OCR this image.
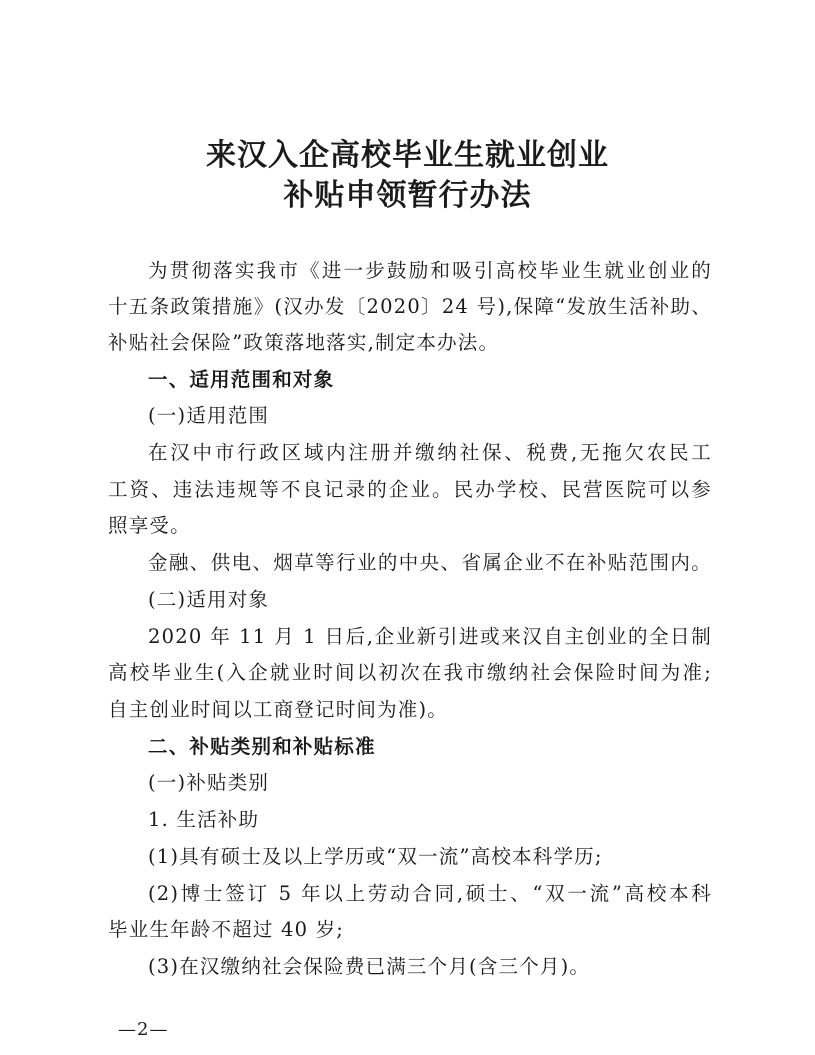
来汉入企高校毕业生就业创业
补贴申领暂行办法
为贯彻落实我市《进一步鼓励和吸引高校毕业生就业创业的
十五条政策措施》(汉办发〔2020〕24 号),保障“发放生活补助、
补贴社会保险”政策落地落实,制定本办法。
一、适用范围和对象
(一)适用范围
在汉中市行政区域内注册并缴纳社保、税费,无拖欠农民工
工资、违法违规等不良记录的企业。民办学校、民营医院可以参
照享受。
金融、供电、烟草等行业的中央、省属企业不在补贴范围内。
(二)适用对象
2020 年 11 月 1 日后,企业新引进或来汉自主创业的全日制
高校毕业生(入企就业时间以初次在我市缴纳社会保险时间为准;
自主创业时间以工商登记时间为准)。
二、补贴类别和补贴标准
(一)补贴类别
1. 生活补助
(1)具有硕士及以上学历或“双一流”高校本科学历;
(2)博士签订 5 年以上劳动合同,硕士、“双一流”高校本科
毕业生年龄不超过 40 岁;
(3)在汉缴纳社会保险费已满三个月(含三个月)。
—2—
